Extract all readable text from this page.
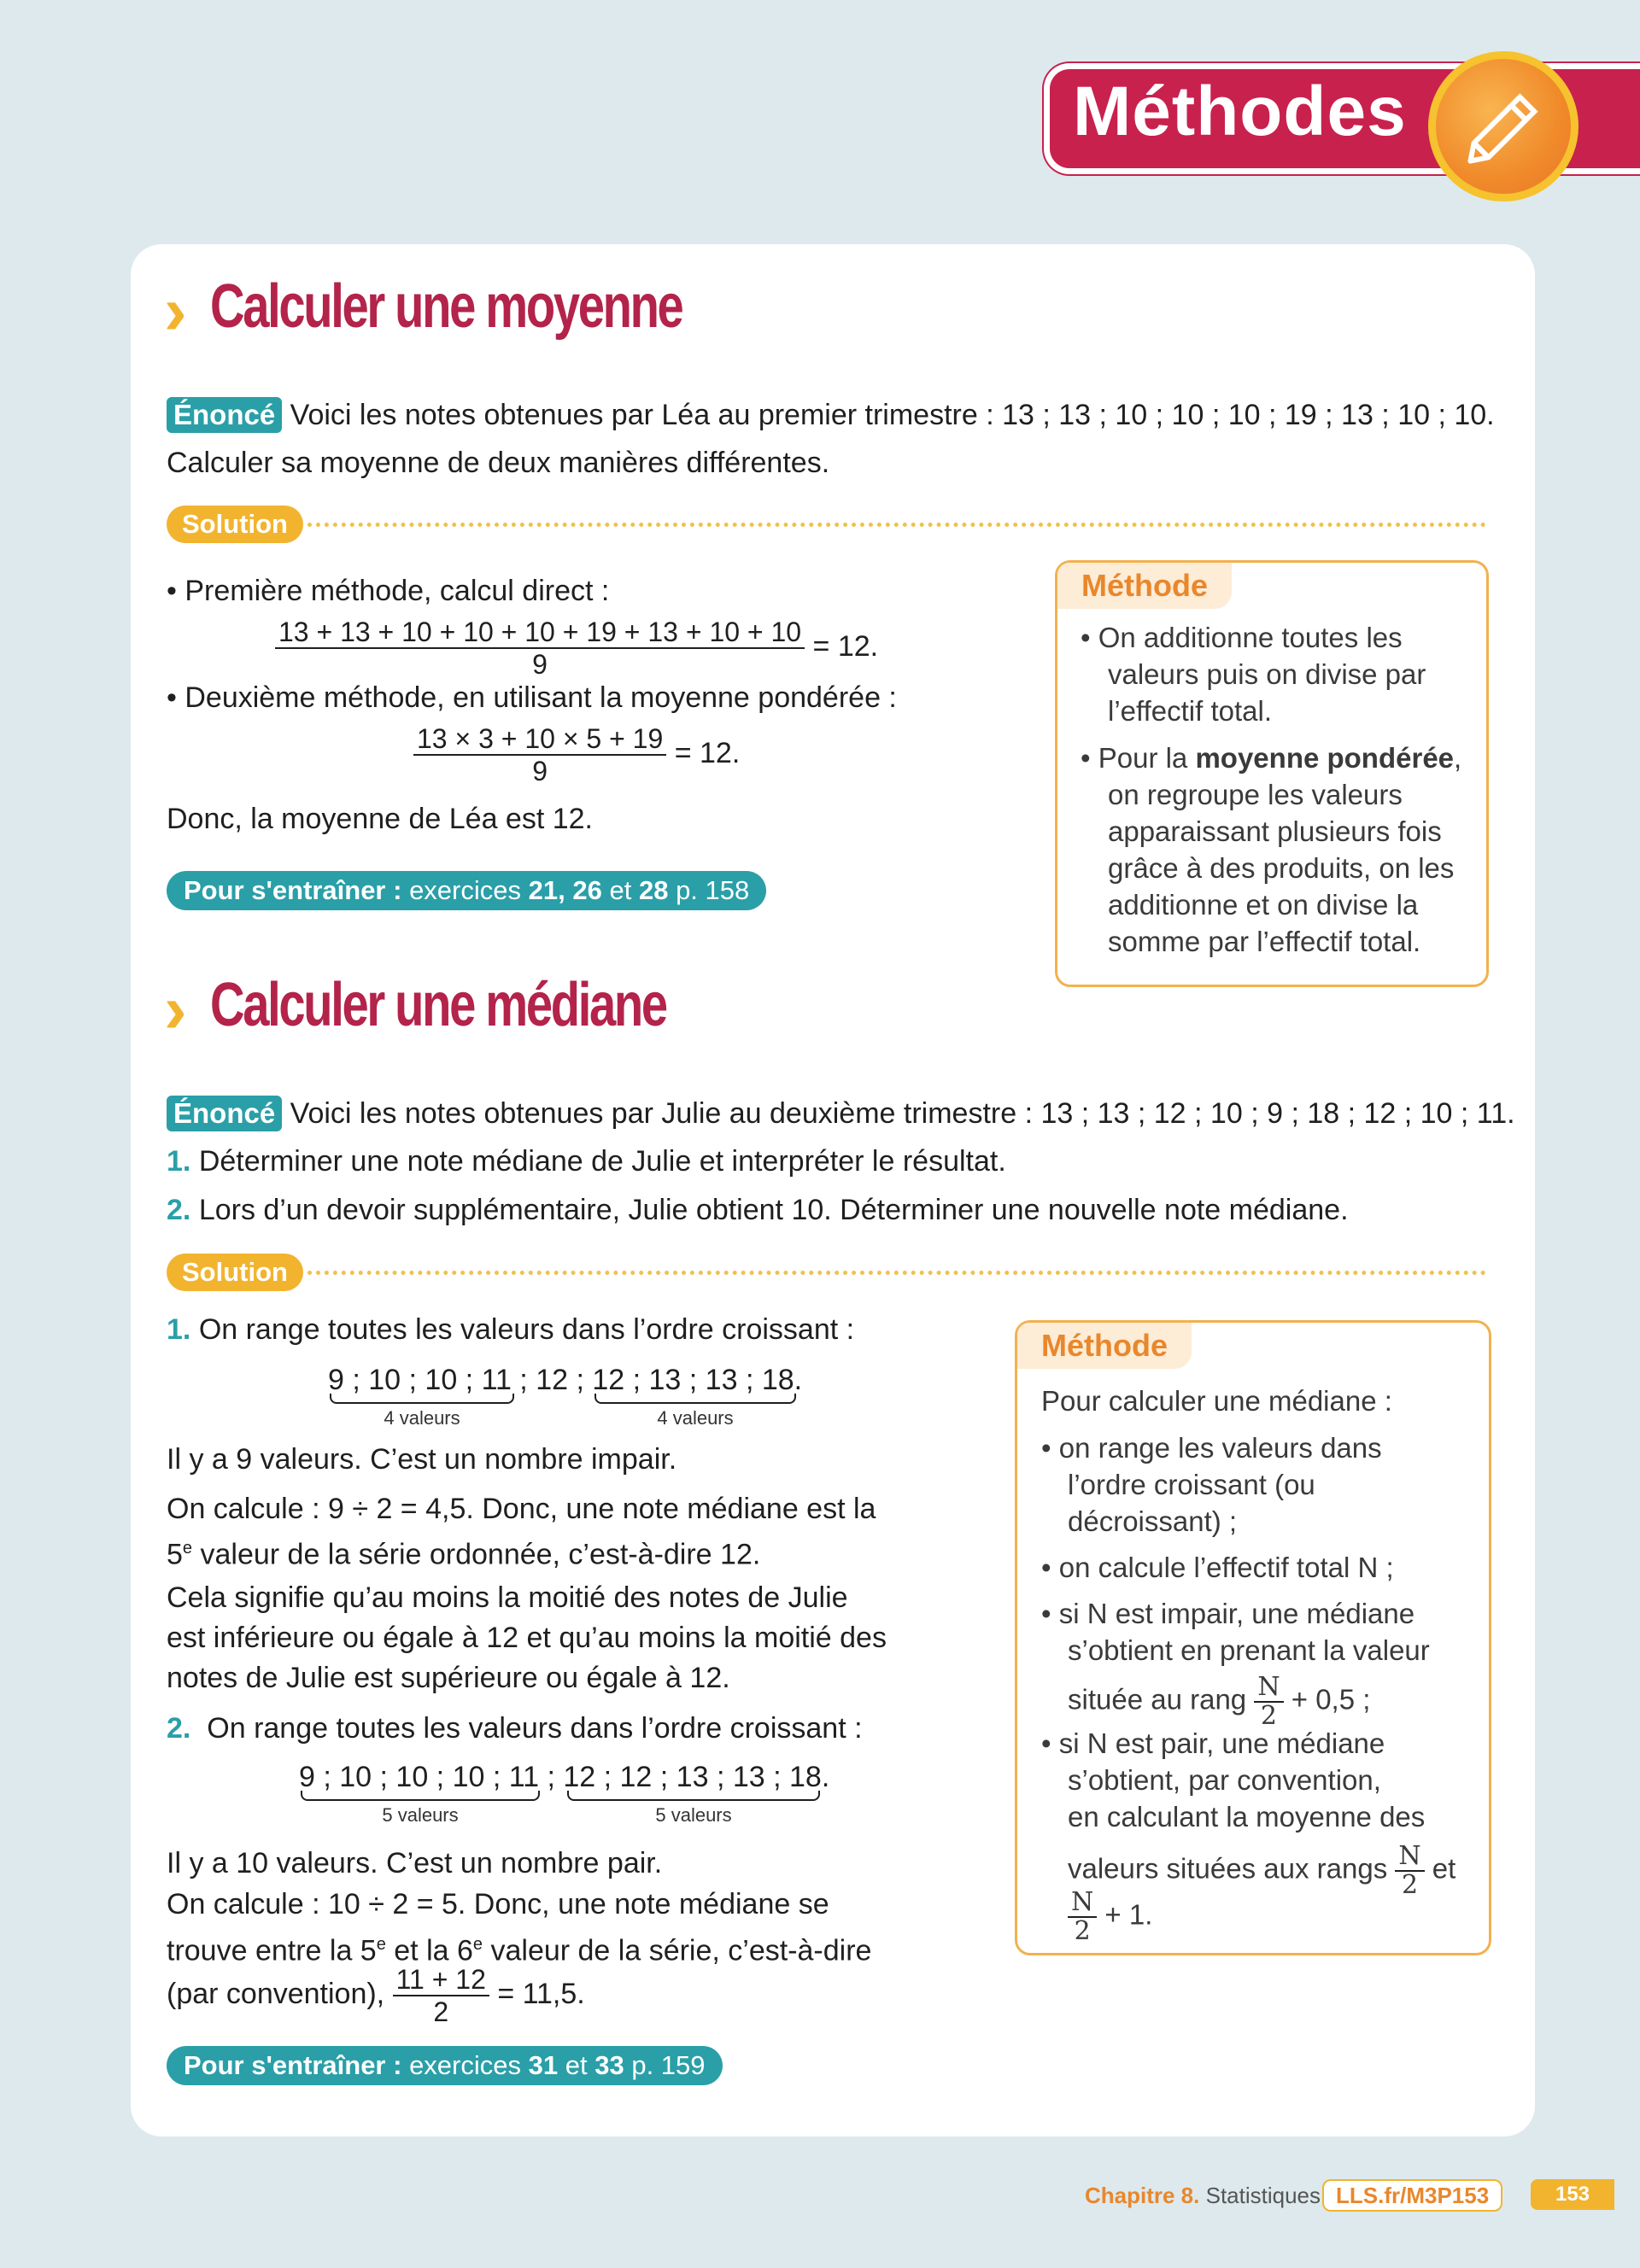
Méthodes
› Calculer une moyenne
Énoncé Voici les notes obtenues par Léa au premier trimestre : 13 ; 13 ; 10 ; 10 ; 10 ; 19 ; 13 ; 10 ; 10.
Calculer sa moyenne de deux manières différentes.
Solution
• Première méthode, calcul direct :
$\frac{13 + 13 + 10 + 10 + 10 + 19 + 13 + 10 + 10}{9} = 12$.
• Deuxième méthode, en utilisant la moyenne pondérée :
$\frac{13 \times 3 + 10 \times 5 + 19}{9} = 12$.
Donc, la moyenne de Léa est 12.
Pour s'entraîner : exercices 21, 26 et 28 p. 158
Méthode
• On additionne toutes les
valeurs puis on divise par
l’effectif total.
• Pour la moyenne pondérée,
on regroupe les valeurs
apparaissant plusieurs fois
grâce à des produits, on les
additionne et on divise la
somme par l’effectif total.
› Calculer une médiane
Énoncé Voici les notes obtenues par Julie au deuxième trimestre : 13 ; 13 ; 12 ; 10 ; 9 ; 18 ; 12 ; 10 ; 11.
1. Déterminer une note médiane de Julie et interpréter le résultat.
2. Lors d’un devoir supplémentaire, Julie obtient 10. Déterminer une nouvelle note médiane.
Solution
1. On range toutes les valeurs dans l’ordre croissant :
9 ; 10 ; 10 ; 11 ; 12 ; 12 ; 13 ; 13 ; 18.
4 valeurs	4 valeurs
Il y a 9 valeurs. C’est un nombre impair.
On calcule : 9 ÷ 2 = 4,5. Donc, une note médiane est la
5e valeur de la série ordonnée, c’est-à-dire 12.
Cela signifie qu’au moins la moitié des notes de Julie
est inférieure ou égale à 12 et qu’au moins la moitié des
notes de Julie est supérieure ou égale à 12.
2. On range toutes les valeurs dans l’ordre croissant :
9 ; 10 ; 10 ; 10 ; 11 ; 12 ; 12 ; 13 ; 13 ; 18.
5 valeurs	5 valeurs
Il y a 10 valeurs. C’est un nombre pair.
On calcule : 10 ÷ 2 = 5. Donc, une note médiane se
trouve entre la 5e et la 6e valeur de la série, c’est-à-dire
(par convention), $\frac{11 + 12}{2} = 11,5$.
Pour s'entraîner : exercices 31 et 33 p. 159
Méthode
Pour calculer une médiane :
• on range les valeurs dans
l’ordre croissant (ou
décroissant) ;
• on calcule l’effectif total N ;
• si N est impair, une médiane
s’obtient en prenant la valeur
située au rang $\frac{N}{2} + 0,5$ ;
• si N est pair, une médiane
s’obtient, par convention,
en calculant la moyenne des
valeurs situées aux rangs $\frac{N}{2}$ et
$\frac{N}{2} + 1$.
Chapitre 8. Statistiques LLS.fr/M3P153	153
